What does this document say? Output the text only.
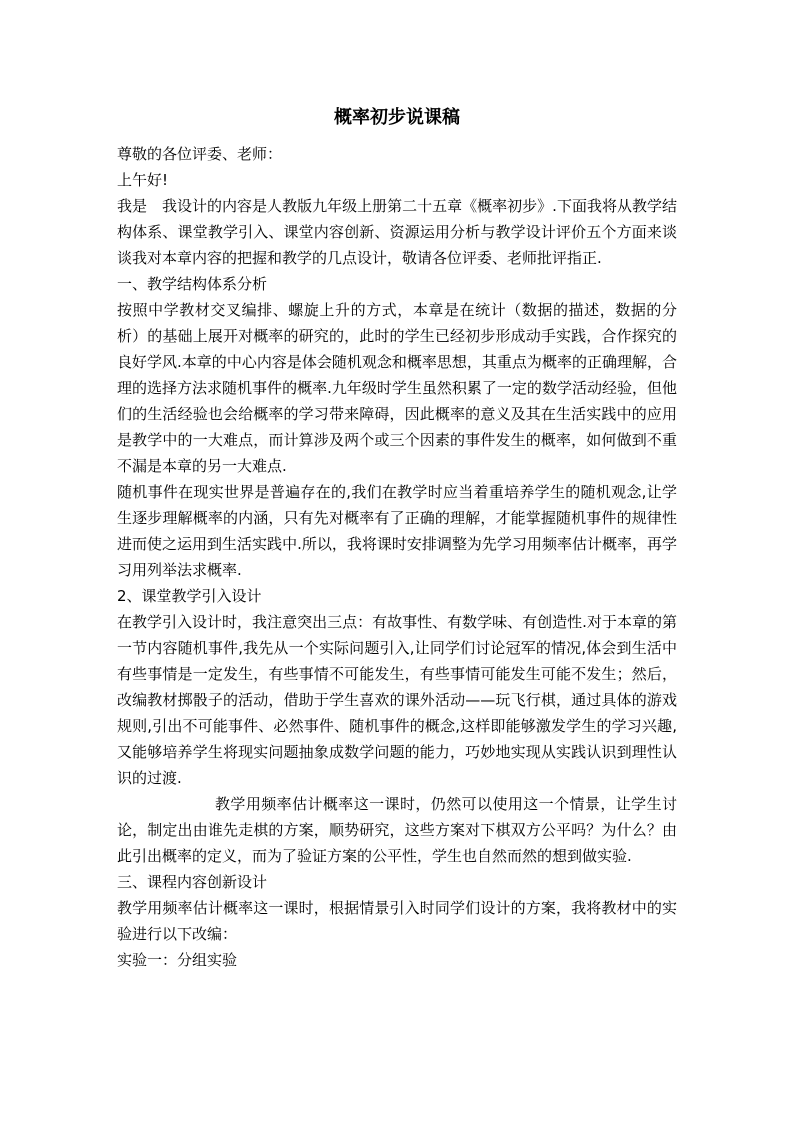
概率初步说课稿

尊敬的各位评委、老师：

上午好!

我是　我设计的内容是人教版九年级上册第二十五章《概率初步》.下面我将从教学结构体系、课堂教学引入、课堂内容创新、资源运用分析与教学设计评价五个方面来谈谈我对本章内容的把握和教学的几点设计，敬请各位评委、老师批评指正.

一、教学结构体系分析

按照中学教材交叉编排、螺旋上升的方式，本章是在统计（数据的描述，数据的分析）的基础上展开对概率的研究的，此时的学生已经初步形成动手实践，合作探究的良好学风.本章的中心内容是体会随机观念和概率思想，其重点为概率的正确理解，合理的选择方法求随机事件的概率.九年级时学生虽然积累了一定的数学活动经验，但他们的生活经验也会给概率的学习带来障碍，因此概率的意义及其在生活实践中的应用是教学中的一大难点，而计算涉及两个或三个因素的事件发生的概率，如何做到不重不漏是本章的另一大难点.

随机事件在现实世界是普遍存在的,我们在教学时应当着重培养学生的随机观念,让学生逐步理解概率的内涵，只有先对概率有了正确的理解，才能掌握随机事件的规律性进而使之运用到生活实践中.所以，我将课时安排调整为先学习用频率估计概率，再学习用列举法求概率.

2、课堂教学引入设计

在教学引入设计时，我注意突出三点：有故事性、有数学味、有创造性.对于本章的第一节内容随机事件,我先从一个实际问题引入,让同学们讨论冠军的情况,体会到生活中有些事情是一定发生，有些事情不可能发生，有些事情可能发生可能不发生；然后，改编教材掷骰子的活动，借助于学生喜欢的课外活动——玩飞行棋，通过具体的游戏规则,引出不可能事件、必然事件、随机事件的概念,这样即能够激发学生的学习兴趣,又能够培养学生将现实问题抽象成数学问题的能力，巧妙地实现从实践认识到理性认识的过渡.

教学用频率估计概率这一课时，仍然可以使用这一个情景，让学生讨论，制定出由谁先走棋的方案，顺势研究，这些方案对下棋双方公平吗？为什么？由此引出概率的定义，而为了验证方案的公平性，学生也自然而然的想到做实验.

三、课程内容创新设计

教学用频率估计概率这一课时，根据情景引入时同学们设计的方案，我将教材中的实验进行以下改编：

实验一：分组实验
